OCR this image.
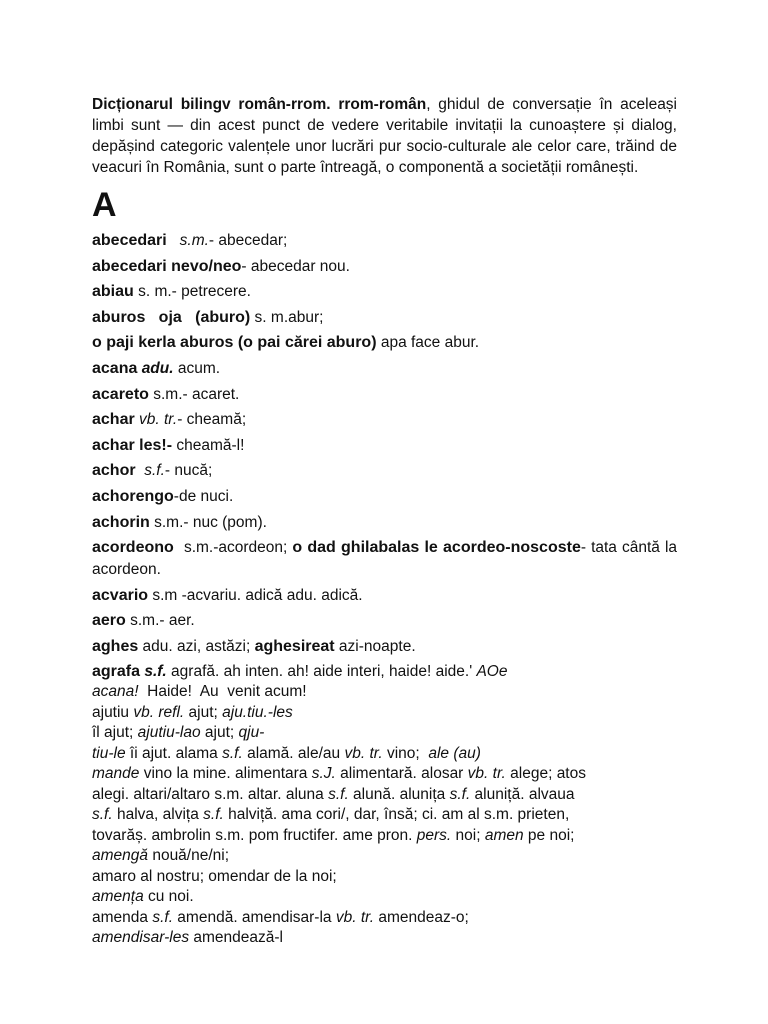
Dicționarul bilingv român-rrom. rrom-român, ghidul de conversație în aceleași limbi sunt — din acest punct de vedere veritabile invitații la cunoaștere și dialog, depășind categoric valențele unor lucrări pur socio-culturale ale celor care, trăind de veacuri în România, sunt o parte întreagă, o componentă a societății românești.

A
abecedari s.m.- abecedar;
abecedari nevo/neo- abecedar nou.
abiau s. m.- petrecere.
aburos   oja   (aburo) s. m.abur;
o paji kerla aburos (o pai cărei aburo) apa face abur.
acana adu. acum.
acareto s.m.- acaret.
achar vb. tr.- cheamă;
achar les!- cheamă-l!
achor s.f.- nucă;
achorengo-de nuci.
achorin s.m.- nuc (pom).
acordeono  s.m.-acordeon; o dad ghilabalas le acordeo-noscoste- tata cântă la acordeon.
acvario s.m -acvariu. adică adu. adică.
aero s.m.- aer.
aghes adu. azi, astăzi; aghesireat azi-noapte.
agrafa s.f. agrafă. ah inten. ah! aide interi, haide! aide.' AOe
acana!  Haide!  Au  venit acum!
ajutiu vb. refl. ajut; aju.tiu.-les
îl ajut; ajutiu-lao ajut; qju-
tiu-le îi ajut. alama s.f. alamă. ale/au vb. tr. vino;  ale (au)
mande vino la mine. alimentara s.J. alimentară. alosar vb. tr. alege; atos
alegi. altari/altaro s.m. altar. aluna s.f. alună. alunița s.f. aluniță. alvaua
s.f. halva, alvița s.f. halviță. ama cori/, dar, însă; ci. am al s.m. prieten,
tovarăș. ambrolin s.m. pom fructifer. ame pron. pers. noi; amen pe noi;
amengă nouă/ne/ni;
amaro al nostru; omendar de la noi;
amența cu noi.
amenda s.f. amendă. amendisar-la vb. tr. amendeaz-o;
amendisar-les amendează-l
